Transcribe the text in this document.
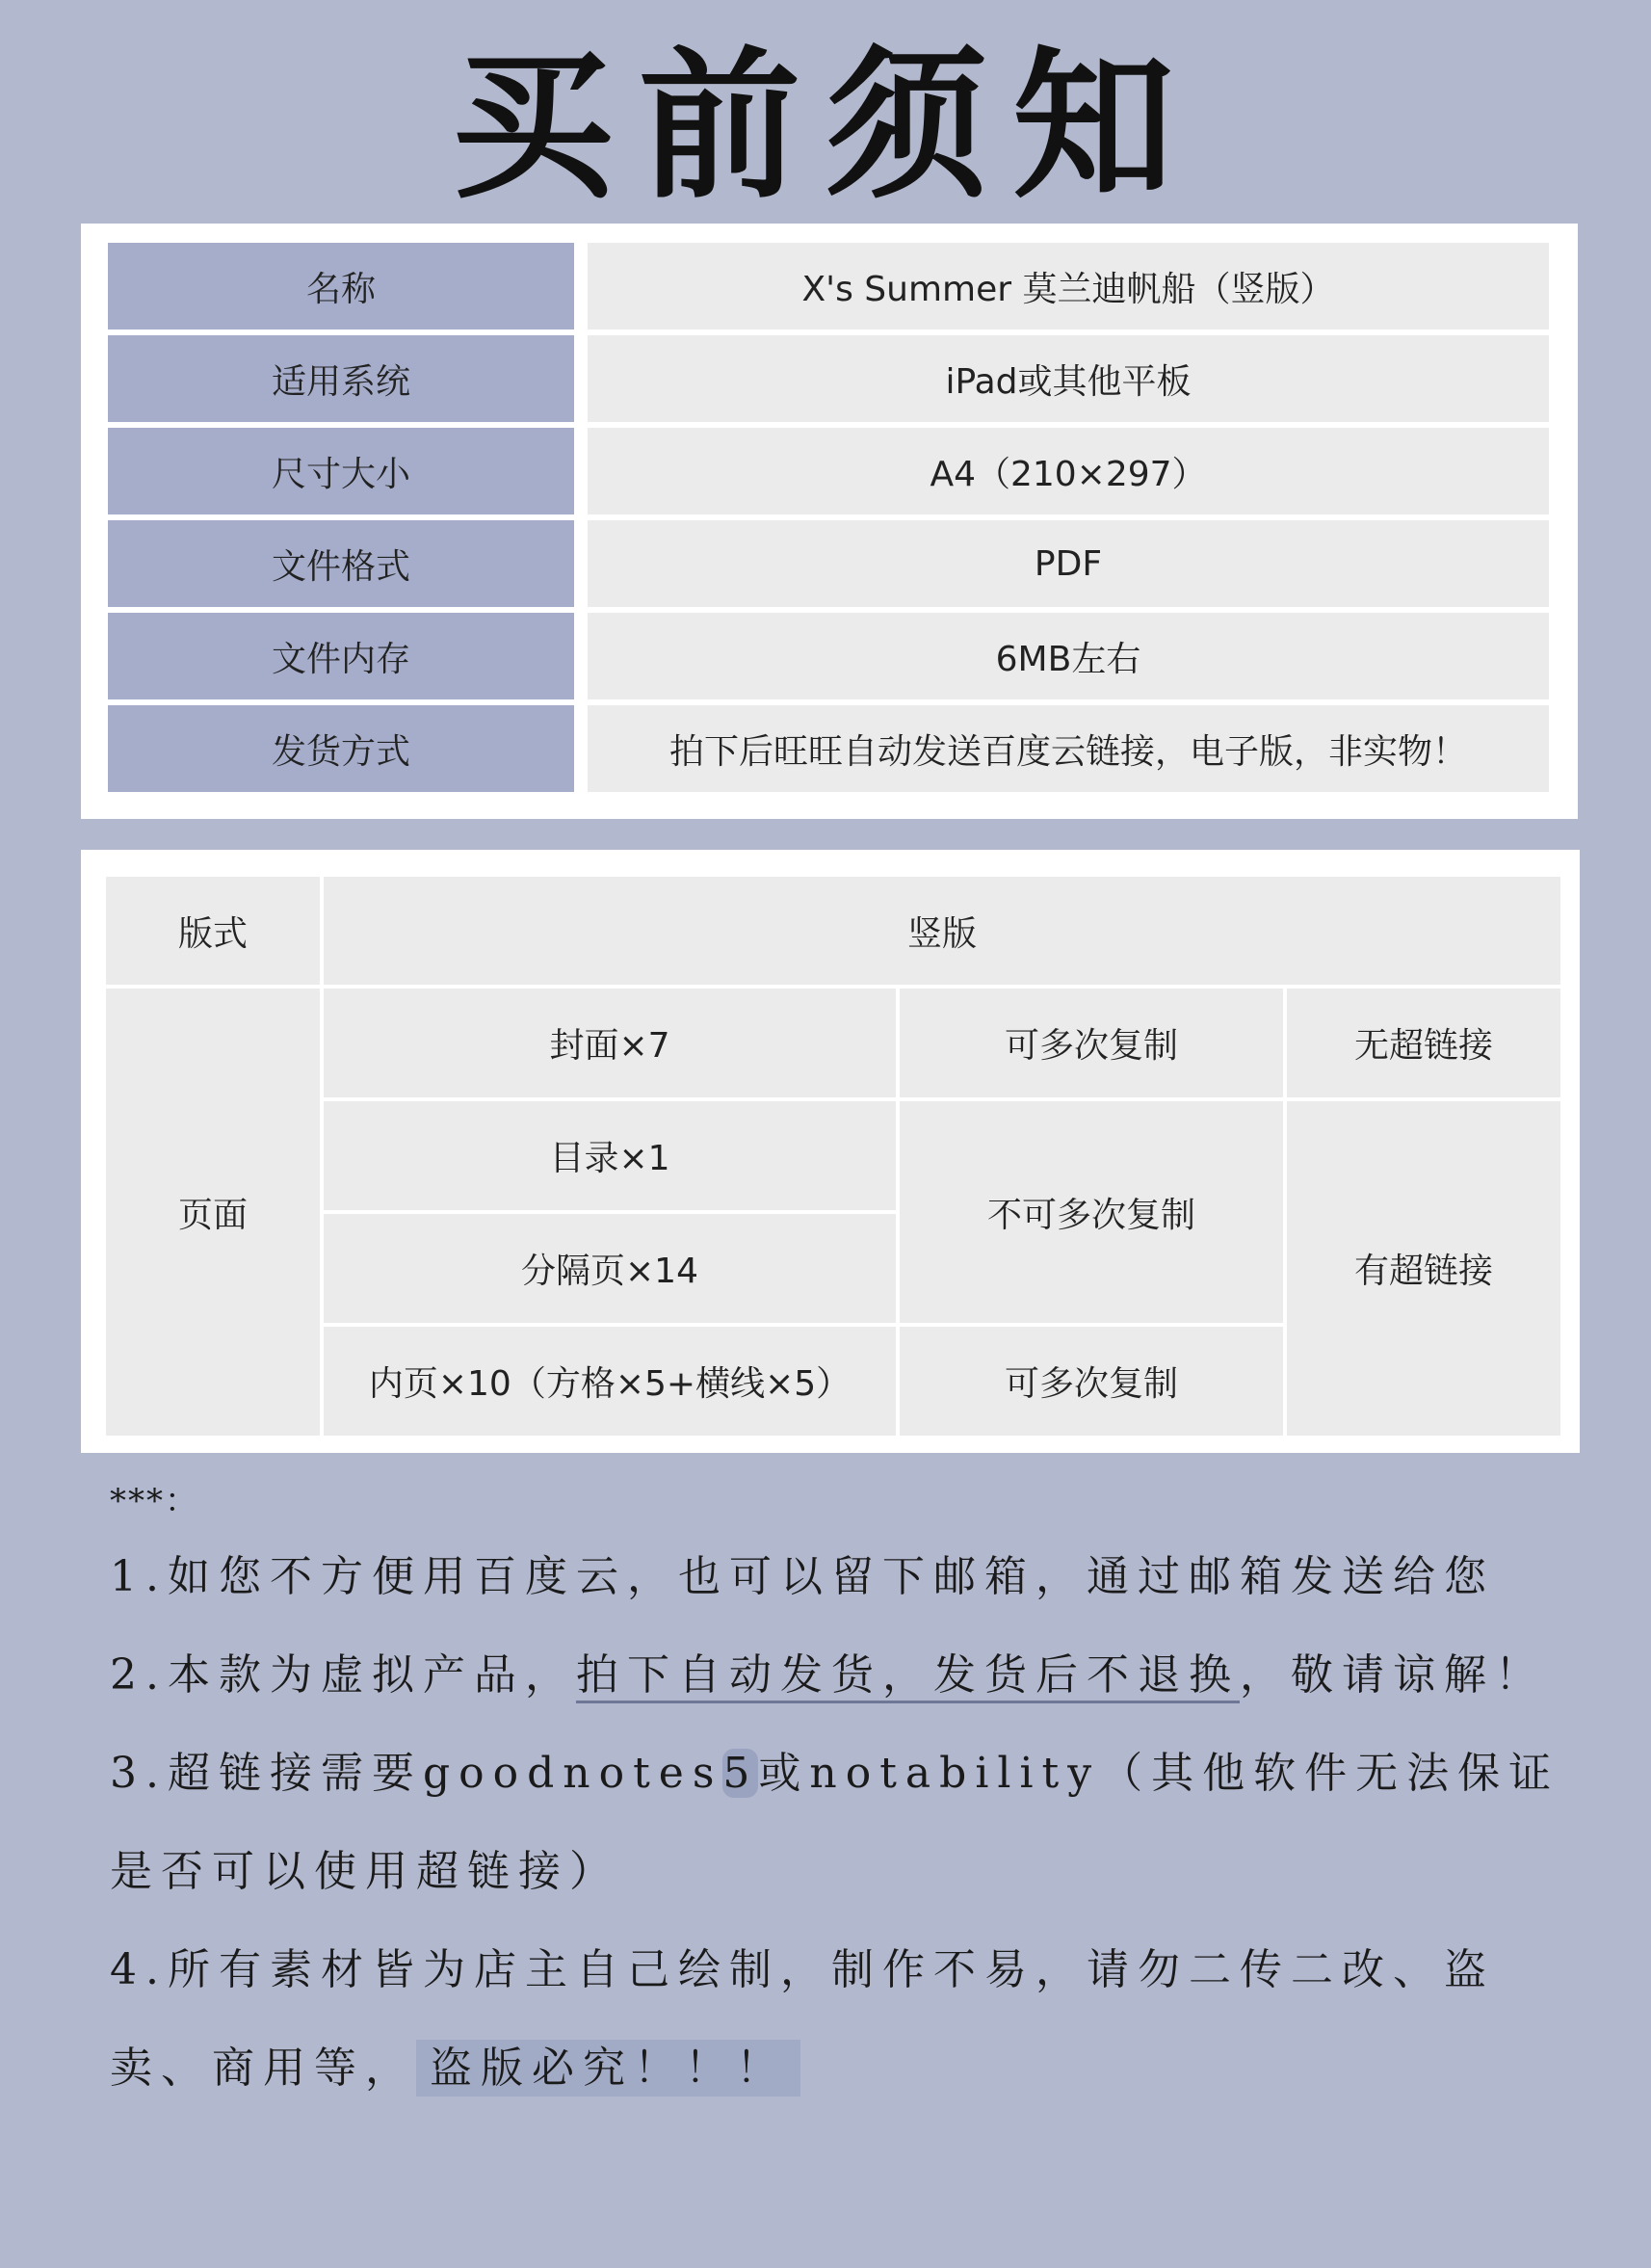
买前须知
名称	X's Summer 莫兰迪帆船（竖版）
适用系统	iPad或其他平板
尺寸大小	A4（210×297）
文件格式	PDF
文件内存	6MB左右
发货方式	拍下后旺旺自动发送百度云链接，电子版，非实物！
版式	竖版		
页面	封面×7	可多次复制	无超链接
	目录×1	不可多次复制	有超链接
	分隔页×14		
	内页×10（方格×5+横线×5）	可多次复制	
***：
1.如您不方便用百度云，也可以留下邮箱，通过邮箱发送给您
2.本款为虚拟产品，拍下自动发货，发货后不退换，敬请谅解！
3.超链接需要goodnotes5或notability（其他软件无法保证是否可以使用超链接）
4.所有素材皆为店主自己绘制，制作不易，请勿二传二改、盗卖、商用等， 盗版必究！！！
